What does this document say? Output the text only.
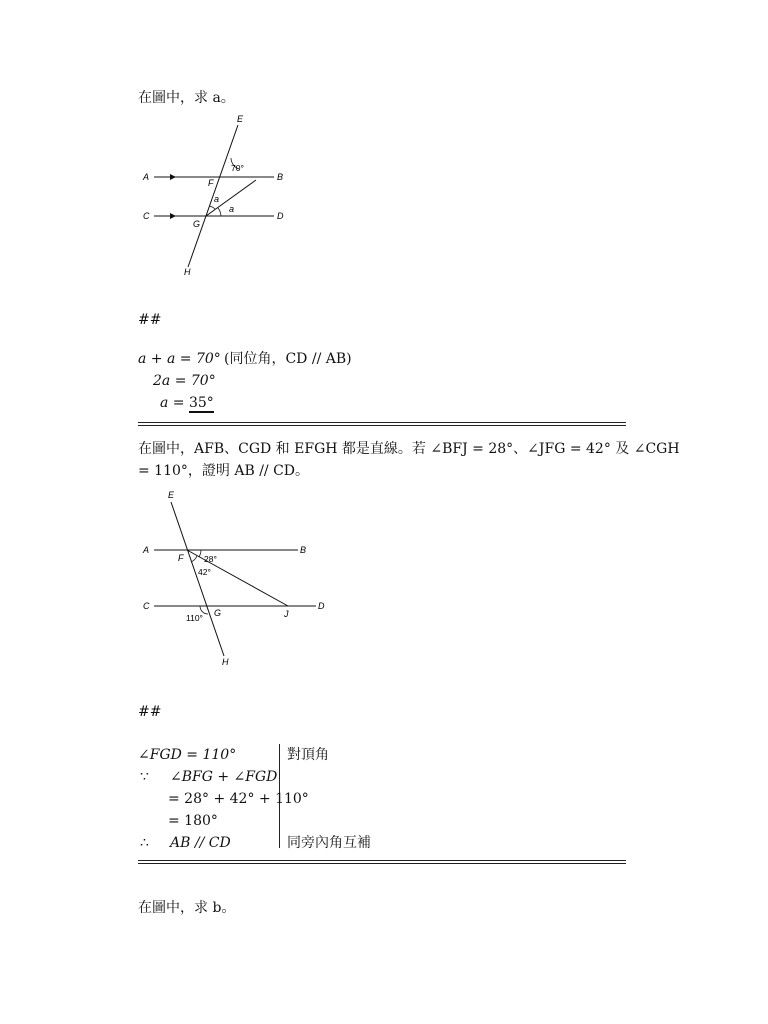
在圖中，求 a。
E
A	B
F
C	D
G
H
70°
a
a
##
a + a = 70° (同位角，CD // AB)
2a = 70°
a = 35°
在圖中，AFB、CGD 和 EFGH 都是直線。若 ∠BFJ = 28°、∠JFG = 42° 及 ∠CGH
= 110°，證明 AB // CD。
E
A	B
F
C	D
G	J
H
28°
42°
110°
##
∠FGD = 110°	對頂角
∵ ∠BFG + ∠FGD
= 28° + 42° + 110°
= 180°
∴ AB // CD	同旁內角互補
在圖中，求 b。
